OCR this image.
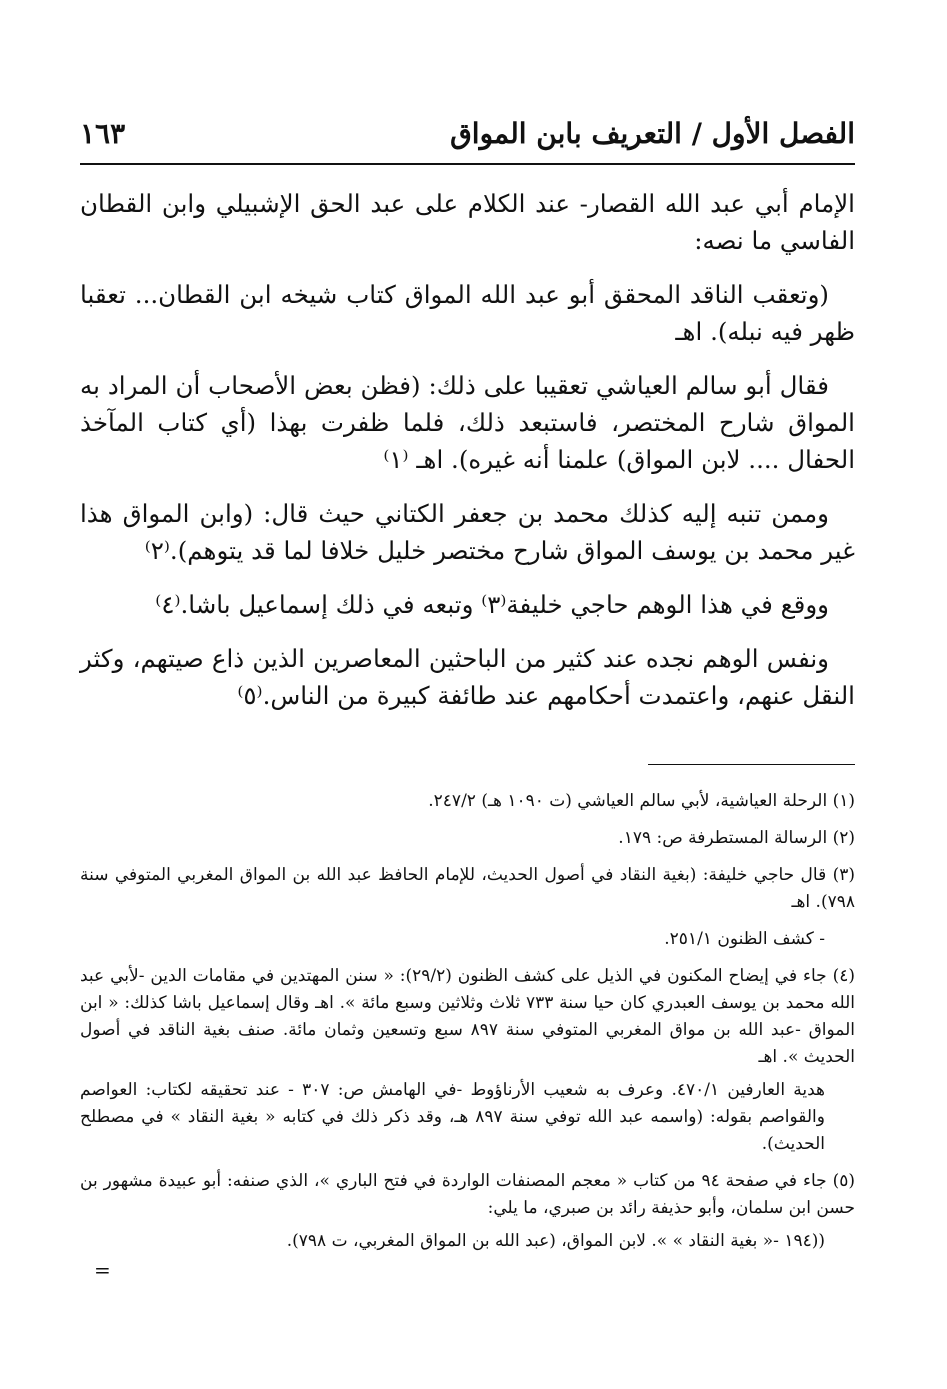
الفصل الأول / التعريف بابن المواق
١٦٣

الإمام أبي عبد الله القصار- عند الكلام على عبد الحق الإشبيلي وابن القطان الفاسي ما نصه:

(وتعقب الناقد المحقق أبو عبد الله المواق كتاب شيخه ابن القطان... تعقبا ظهر فيه نبله). اهـ

فقال أبو سالم العياشي تعقيبا على ذلك: (فظن بعض الأصحاب أن المراد به المواق شارح المختصر، فاستبعد ذلك، فلما ظفرت بهذا (أي كتاب المآخذ الحفال .... لابن المواق) علمنا أنه غيره). اهـ ⁽١⁾

وممن تنبه إليه كذلك محمد بن جعفر الكتاني حيث قال: (وابن المواق هذا غير محمد بن يوسف المواق شارح مختصر خليل خلافا لما قد يتوهم).⁽٢⁾

ووقع في هذا الوهم حاجي خليفة⁽٣⁾ وتبعه في ذلك إسماعيل باشا.⁽٤⁾

ونفس الوهم نجده عند كثير من الباحثين المعاصرين الذين ذاع صيتهم، وكثر النقل عنهم، واعتمدت أحكامهم عند طائفة كبيرة من الناس.⁽٥⁾

(١) الرحلة العياشية، لأبي سالم العياشي (ت ١٠٩٠ هـ) ٢٤٧/٢.
(٢) الرسالة المستطرفة ص: ١٧٩.
(٣) قال حاجي خليفة: (بغية النقاد في أصول الحديث، للإمام الحافظ عبد الله بن المواق المغربي المتوفي سنة ٧٩٨). اهـ
- كشف الظنون ٢٥١/١.
(٤) جاء في إيضاح المكنون في الذيل على كشف الظنون (٢٩/٢): « سنن المهتدين في مقامات الدين -لأبي عبد الله محمد بن يوسف العبدري كان حيا سنة ٧٣٣ ثلاث وثلاثين وسبع مائة ». اهـ وقال إسماعيل باشا كذلك: « ابن المواق -عبد الله بن مواق المغربي المتوفي سنة ٨٩٧ سبع وتسعين وثمان مائة. صنف بغية الناقد في أصول الحديث ». اهـ
هدية العارفين ٤٧٠/١. وعرف به شعيب الأرناؤوط -في الهامش ص: ٣٠٧ - عند تحقيقه لكتاب: العواصم والقواصم بقوله: (واسمه عبد الله توفي سنة ٨٩٧ هـ، وقد ذكر ذلك في كتابه « بغية النقاد » في مصطلح الحديث).
(٥) جاء في صفحة ٩٤ من كتاب « معجم المصنفات الواردة في فتح الباري »، الذي صنفه: أبو عبيدة مشهور بن حسن ابن سلمان، وأبو حذيفة رائد بن صبري، ما يلي:
((١٩٤ -« بغية النقاد » ». لابن المواق، (عبد الله بن المواق المغربي، ت ٧٩٨).
=
